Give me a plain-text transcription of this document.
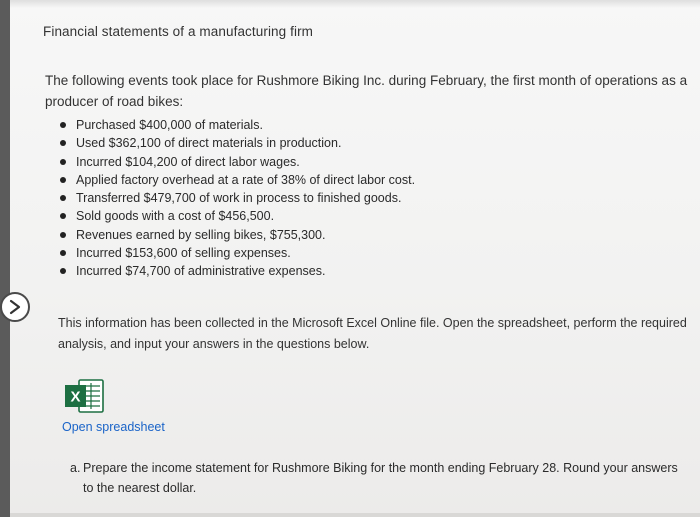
Financial statements of a manufacturing firm
The following events took place for Rushmore Biking Inc. during February, the first month of operations as a producer of road bikes:
Purchased $400,000 of materials.
Used $362,100 of direct materials in production.
Incurred $104,200 of direct labor wages.
Applied factory overhead at a rate of 38% of direct labor cost.
Transferred $479,700 of work in process to finished goods.
Sold goods with a cost of $456,500.
Revenues earned by selling bikes, $755,300.
Incurred $153,600 of selling expenses.
Incurred $74,700 of administrative expenses.
This information has been collected in the Microsoft Excel Online file. Open the spreadsheet, perform the required analysis, and input your answers in the questions below.
X
Open spreadsheet
a. Prepare the income statement for Rushmore Biking for the month ending February 28. Round your answers to the nearest dollar.
